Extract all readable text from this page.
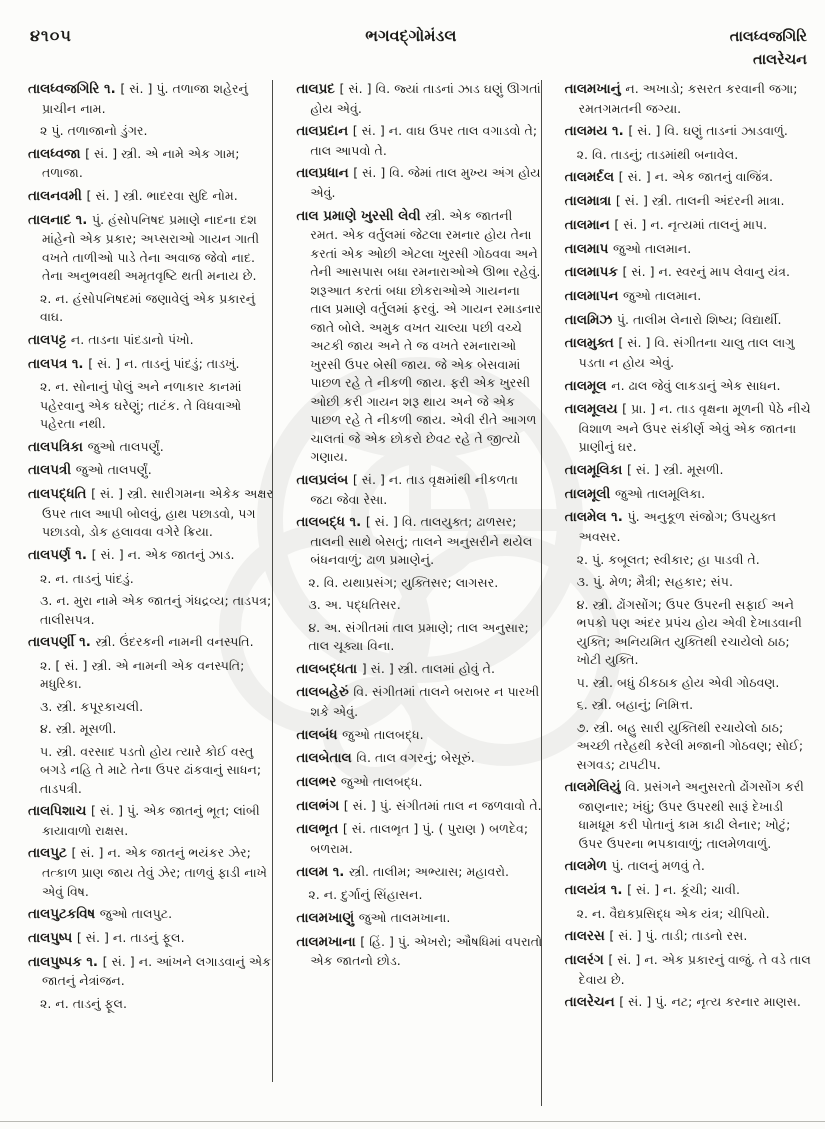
૪૧૦૫	ભગવદ્ગોમંડલ	તાલધ્વજગિરિ
તાલરેચન

તાલધ્વજગિરિ ૧. [ સં. ] પું. તળાજા શહેરનું પ્રાચીન નામ.

૨ પું. તળાજાનો ડુંગર.

તાલધ્વજા [ સં. ] સ્ત્રી. એ નામે એક ગામ; તળાજા.

તાલનવમી [ સં. ] સ્ત્રી. ભાદરવા સુદિ નોમ.

તાલનાદ ૧. પું. હંસોપનિષદ પ્રમાણે નાદના દશ માંહેનો એક પ્રકાર; અપ્સરાઓ ગાયન ગાતી વખતે તાળીઓ પાડે તેના અવાજ જેવો નાદ. તેના અનુભવથી અમૃતવૃષ્ટિ થતી મનાય છે.

૨. ન. હંસોપનિષદમાં જણાવેલું એક પ્રકારનું વાઘ.

તાલપટ્ટ ન. તાડના પાંદડાનો પંખો.

તાલપત્ર ૧. [ સં. ] ન. તાડનું પાંદડું; તાડખું.

૨. ન. સોનાનું પોલું અને નળાકાર કાનમાં પહેરવાનુ એક ઘરેણું; તાટંક. તે વિધવાઓ પહેરતા નથી.

તાલપત્રિકા જુઓ તાલપર્ણું.

તાલપત્રી જુઓ તાલપર્ણું.

તાલપદ્ધતિ [ સં. ] સ્ત્રી. સારીગમના એકેક અક્ષર ઉપર તાલ આપી બોલવું, હાથ પછાડવો, પગ પછાડવો, ડોક હલાવવા વગેરે ક્રિયા.

તાલપર્ણ ૧. [ સં. ] ન. એક જાતનું ઝાડ.

૨. ન. તાડનું પાંદડું.

૩. ન. મુરા નામે એક જાતનું ગંધદ્રવ્ય; તાડપત્ર; તાલીસપત્ર.

તાલપર્ણી ૧. સ્ત્રી. ઉંદરકની નામની વનસ્પતિ.

૨. [ સં. ] સ્ત્રી. એ નામની એક વનસ્પતિ; મધુરિકા.

૩. સ્ત્રી. કપૂરકાચલી.

૪. સ્ત્રી. મૂસળી.

૫. સ્ત્રી. વરસાદ પડતો હોય ત્યારે કોઈ વસ્તુ બગડે નહિ તે માટે તેના ઉપર ઢાંકવાનું સાધન; તાડપત્રી.

તાલપિશાચ [ સં. ] પું. એક જાતનું ભૂત; લાંબી કાયાવાળો રાક્ષસ.

તાલપુટ [ સં. ] ન. એક જાતનું ભયંકર ઝેર; તત્કાળ પ્રાણ જાય તેવું ઝેર; તાળવું ફાડી નાખે એવું વિષ.

તાલપુટકવિષ જુઓ તાલપુટ.

તાલપુષ્પ [ સં. ] ન. તાડનું ફૂલ.

તાલપુષ્પક ૧. [ સં. ] ન. આંખને લગાડવાનું એક જાતનું નેત્રાંજન.

૨. ન. તાડનું ફૂલ.

તાલપ્રદ [ સં. ] વિ. જ્યાં તાડનાં ઝાડ ઘણું ઊગતાં હોય એવું.

તાલપ્રદાન [ સં. ] ન. વાઘ ઉપર તાલ વગાડવો તે; તાલ આપવો તે.

તાલપ્રધાન [ સં. ] વિ. જેમાં તાલ મુખ્ય અંગ હોય એવું.

તાલ પ્રમાણે ખુરસી લેવી સ્ત્રી. એક જાતની રમત. એક વર્તુલમાં જેટલા રમનાર હોય તેના કરતાં એક ઓછી એટલા ખુરસી ગોઠવવા અને તેની આસપાસ બધા રમનારાઓએ ઊભા રહેવું. શરૂઆત કરતાં બધા છોકરાઓએ ગાયનના તાલ પ્રમાણે વર્તુલમાં ફરવું. એ ગાયન રમાડનાર જાતે બોલે. અમુક વખત ચાલ્યા પછી વચ્ચે અટકી જાય અને તે જ વખતે રમનારાઓ ખુરસી ઉપર બેસી જાય. જે એક બેસવામાં પાછળ રહે તે નીકળી જાય. ફરી એક ખુરસી ઓછી કરી ગાયન શરૂ થાય અને જે એક પાછળ રહે તે નીકળી જાય. એવી રીતે આગળ ચાલતાં જે એક છોકરો છેવટ રહે તે જીત્યો ગણાય.

તાલપ્રલંબ [ સં. ] ન. તાડ વૃક્ષમાંથી નીકળતા જટા જેવા રેસા.

તાલબદ્ધ ૧. [ સં. ] વિ. તાલયુક્ત; ઢાળસર; તાલની સાથે બેસતું; તાલને અનુસરીને થયેલ બંધનવાળું; ઢાળ પ્રમાણેનું.

૨. વિ. યથાપ્રસંગ; યુક્તિસર; લાગસર.

૩. અ. પદ્ધતિસર.

૪. અ. સંગીતમાં તાલ પ્રમાણે; તાલ અનુસાર; તાલ ચૂક્યા વિના.

તાલબદ્ધતા ] સં. ] સ્ત્રી. તાલમાં હોવું તે.

તાલબહેરું વિ. સંગીતમાં તાલને બરાબર ન પારખી શકે એવું.

તાલબંધ જુઓ તાલબદ્ધ.

તાલબેતાલ વિ. તાલ વગરનું; બેસૂરું.

તાલભર જુઓ તાલબદ્ધ.

તાલભંગ [ સં. ] પું. સંગીતમાં તાલ ન જળવાવો તે.

તાલભૃત [ સં. તાલભૃત ] પું. ( પુરાણ ) બળદેવ; બળરામ.

તાલમ ૧. સ્ત્રી. તાલીમ; અભ્યાસ; મહાવરો.

૨. ન. દુર્ગાનું સિંહાસન.

તાલમખાણું જુઓ તાલમખાના.

તાલમખાના [ હિં. ] પું. એખરો; ઔષધિમાં વપરાતો એક જાતનો છોડ.

તાલમખાનું ન. અખાડો; કસરત કરવાની જગા; રમતગમતની જગ્યા.

તાલમય ૧. [ સં. ] વિ. ઘણું તાડનાં ઝાડવાળું.

૨. વિ. તાડનું; તાડમાંથી બનાવેલ.

તાલમર્દલ [ સં. ] ન. એક જાતનું વાજિંત્ર.

તાલમાત્રા [ સં. ] સ્ત્રી. તાલની અંદરની માત્રા.

તાલમાન [ સં. ] ન. નૃત્યમાં તાલનું માપ.

તાલમાપ જુઓ તાલમાન.

તાલમાપક [ સં. ] ન. સ્વરનું માપ લેવાનુ યંત્ર.

તાલમાપન જુઓ તાલમાન.

તાલમિઝ પું. તાલીમ લેનારો શિષ્ય; વિદ્યાર્થી.

તાલમુક્ત [ સં. ] વિ. સંગીતના ચાલુ તાલ લાગુ પડતા ન હોય એવું.

તાલમૂલ ન. ઢાલ જેવું લાકડાનું એક સાધન.

તાલમૂલય [ પ્રા. ] ન. તાડ વૃક્ષના મૂળની પેઠે નીચે વિશાળ અને ઉપર સંકીર્ણ એવું એક જાતના પ્રાણીનું ઘર.

તાલમૂલિકા [ સં. ] સ્ત્રી. મૂસળી.

તાલમૂલી જુઓ તાલમૂલિકા.

તાલમેલ ૧. પું. અનુકૂળ સંજોગ; ઉપયુક્ત અવસર.

૨. પું. કબૂલત; સ્વીકાર; હા પાડવી તે.

૩. પું. મેળ; મૈત્રી; સહકાર; સંપ.

૪. સ્ત્રી. ઢોંગસોંગ; ઉપર ઉપરની સફાઈ અને ભપકો પણ અંદર પ્રપંચ હોય એવી દેખાડવાની યુક્તિ; અનિયમિત યુક્તિથી રચાયેલો ઠાઠ; ખોટી યુક્તિ.

૫. સ્ત્રી. બધું ઠીકઠાક હોય એવી ગોઠવણ.

૬. સ્ત્રી. બહાનું; નિમિત્ત.

૭. સ્ત્રી. બહુ સારી યુક્તિથી રચાયેલો ઠાઠ; અચ્છી તરેહથી કરેલી મજાની ગોઠવણ; સોઈ; સગવડ; ટાપટીપ.

તાલમેલિયું વિ. પ્રસંગને અનુસરતો ઢોંગસોંગ કરી જાણનાર; ખંધું; ઉપર ઉપરથી સારૂં દેખાડી ધામધૂમ કરી પોતાનું કામ કાઢી લેનાર; ખોટું; ઉપર ઉપરના ભપકાવાળું; તાલમેળવાળું.

તાલમેળ પું. તાલનું મળવું તે.

તાલયંત્ર ૧. [ સં. ] ન. કૂંચી; ચાવી.

૨. ન. વૈદ્યકપ્રસિદ્ધ એક યંત્ર; ચીપિયો.

તાલરસ [ સં. ] પું. તાડી; તાડનો રસ.

તાલરંગ [ સં. ] ન. એક પ્રકારનું વાજું. તે વડે તાલ દેવાય છે.

તાલરેચન [ સં. ] પું. નટ; નૃત્ય કરનાર માણસ.
